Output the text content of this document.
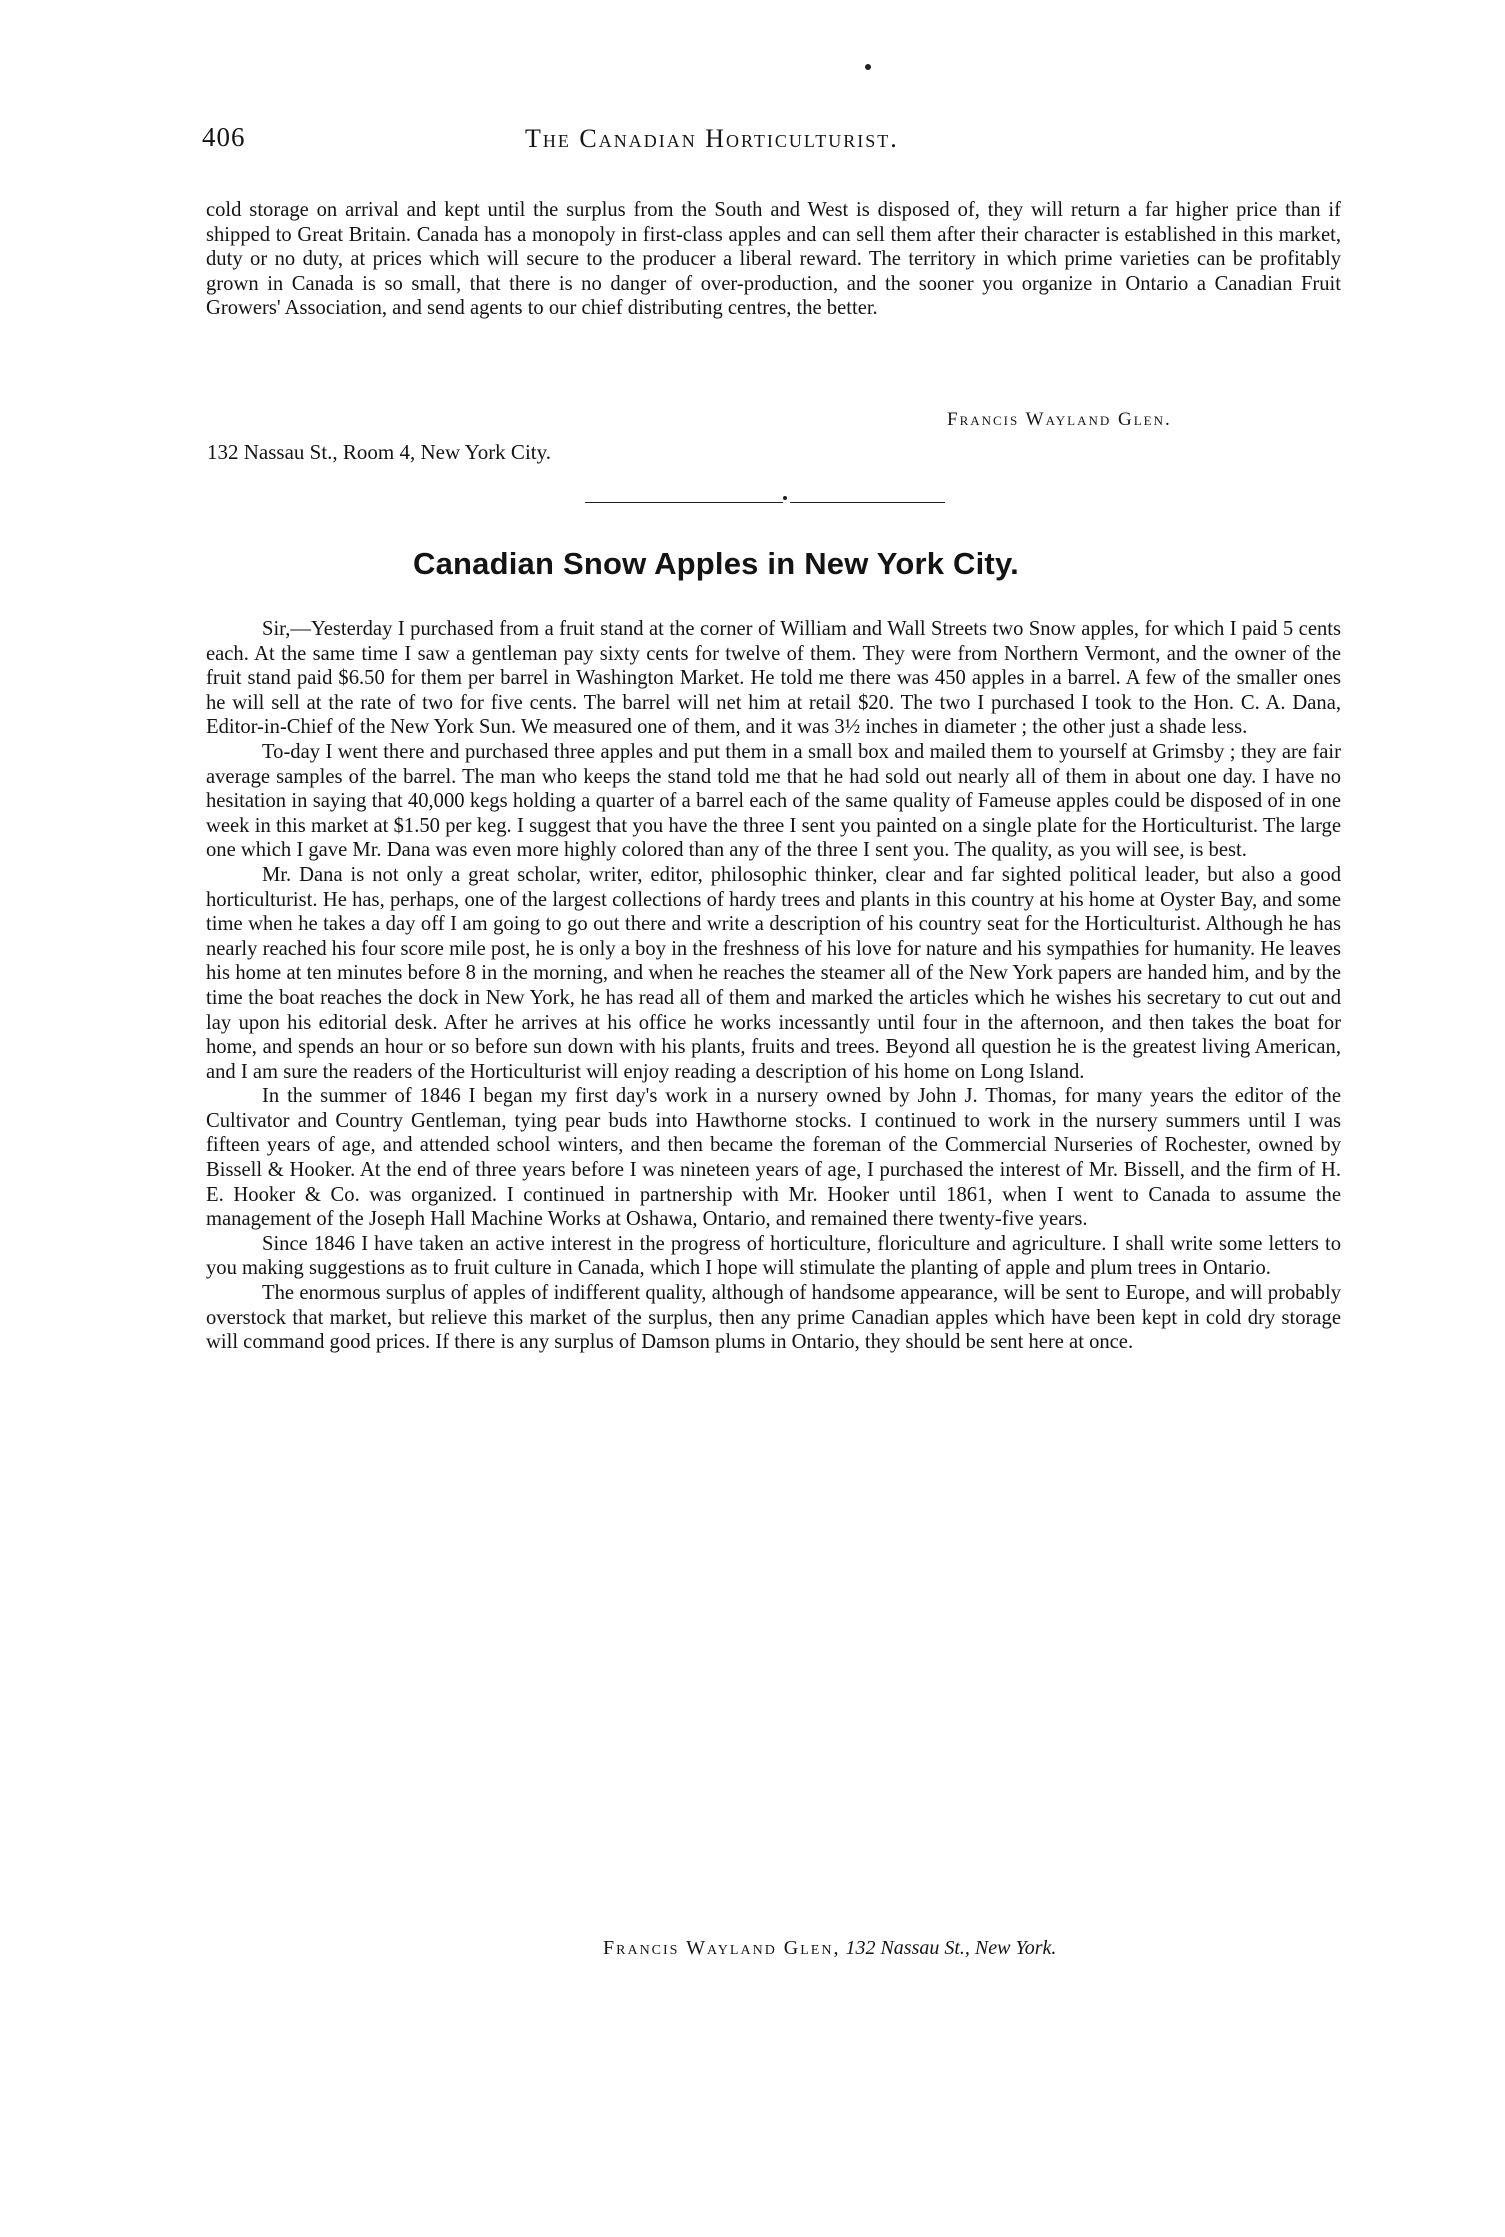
406	The Canadian Horticulturist.

cold storage on arrival and kept until the surplus from the South and West is disposed of, they will return a far higher price than if shipped to Great Britain. Canada has a monopoly in first-class apples and can sell them after their character is established in this market, duty or no duty, at prices which will secure to the producer a liberal reward. The territory in which prime varieties can be profitably grown in Canada is so small, that there is no danger of over-production, and the sooner you organize in Ontario a Canadian Fruit Growers' Association, and send agents to our chief distributing centres, the better.

Francis Wayland Glen.
132 Nassau St., Room 4, New York City.
Canadian Snow Apples in New York City.

Sir,—Yesterday I purchased from a fruit stand at the corner of William and Wall Streets two Snow apples, for which I paid 5 cents each. At the same time I saw a gentleman pay sixty cents for twelve of them. They were from Northern Vermont, and the owner of the fruit stand paid $6.50 for them per barrel in Washington Market. He told me there was 450 apples in a barrel. A few of the smaller ones he will sell at the rate of two for five cents. The barrel will net him at retail $20. The two I purchased I took to the Hon. C. A. Dana, Editor-in-Chief of the New York Sun. We measured one of them, and it was 3½ inches in diameter ; the other just a shade less.

To-day I went there and purchased three apples and put them in a small box and mailed them to yourself at Grimsby ; they are fair average samples of the barrel. The man who keeps the stand told me that he had sold out nearly all of them in about one day. I have no hesitation in saying that 40,000 kegs holding a quarter of a barrel each of the same quality of Fameuse apples could be disposed of in one week in this market at $1.50 per keg. I suggest that you have the three I sent you painted on a single plate for the Horticulturist. The large one which I gave Mr. Dana was even more highly colored than any of the three I sent you. The quality, as you will see, is best.

Mr. Dana is not only a great scholar, writer, editor, philosophic thinker, clear and far sighted political leader, but also a good horticulturist. He has, perhaps, one of the largest collections of hardy trees and plants in this country at his home at Oyster Bay, and some time when he takes a day off I am going to go out there and write a description of his country seat for the Horticulturist. Although he has nearly reached his four score mile post, he is only a boy in the freshness of his love for nature and his sympathies for humanity. He leaves his home at ten minutes before 8 in the morning, and when he reaches the steamer all of the New York papers are handed him, and by the time the boat reaches the dock in New York, he has read all of them and marked the articles which he wishes his secretary to cut out and lay upon his editorial desk. After he arrives at his office he works incessantly until four in the afternoon, and then takes the boat for home, and spends an hour or so before sun down with his plants, fruits and trees. Beyond all question he is the greatest living American, and I am sure the readers of the Horticulturist will enjoy reading a description of his home on Long Island.

In the summer of 1846 I began my first day's work in a nursery owned by John J. Thomas, for many years the editor of the Cultivator and Country Gentleman, tying pear buds into Hawthorne stocks. I continued to work in the nursery summers until I was fifteen years of age, and attended school winters, and then became the foreman of the Commercial Nurseries of Rochester, owned by Bissell & Hooker. At the end of three years before I was nineteen years of age, I purchased the interest of Mr. Bissell, and the firm of H. E. Hooker & Co. was organized. I continued in partnership with Mr. Hooker until 1861, when I went to Canada to assume the management of the Joseph Hall Machine Works at Oshawa, Ontario, and remained there twenty-five years.

Since 1846 I have taken an active interest in the progress of horticulture, floriculture and agriculture. I shall write some letters to you making suggestions as to fruit culture in Canada, which I hope will stimulate the planting of apple and plum trees in Ontario.

The enormous surplus of apples of indifferent quality, although of handsome appearance, will be sent to Europe, and will probably overstock that market, but relieve this market of the surplus, then any prime Canadian apples which have been kept in cold dry storage will command good prices. If there is any surplus of Damson plums in Ontario, they should be sent here at once.

Francis Wayland Glen, 132 Nassau St., New York.
